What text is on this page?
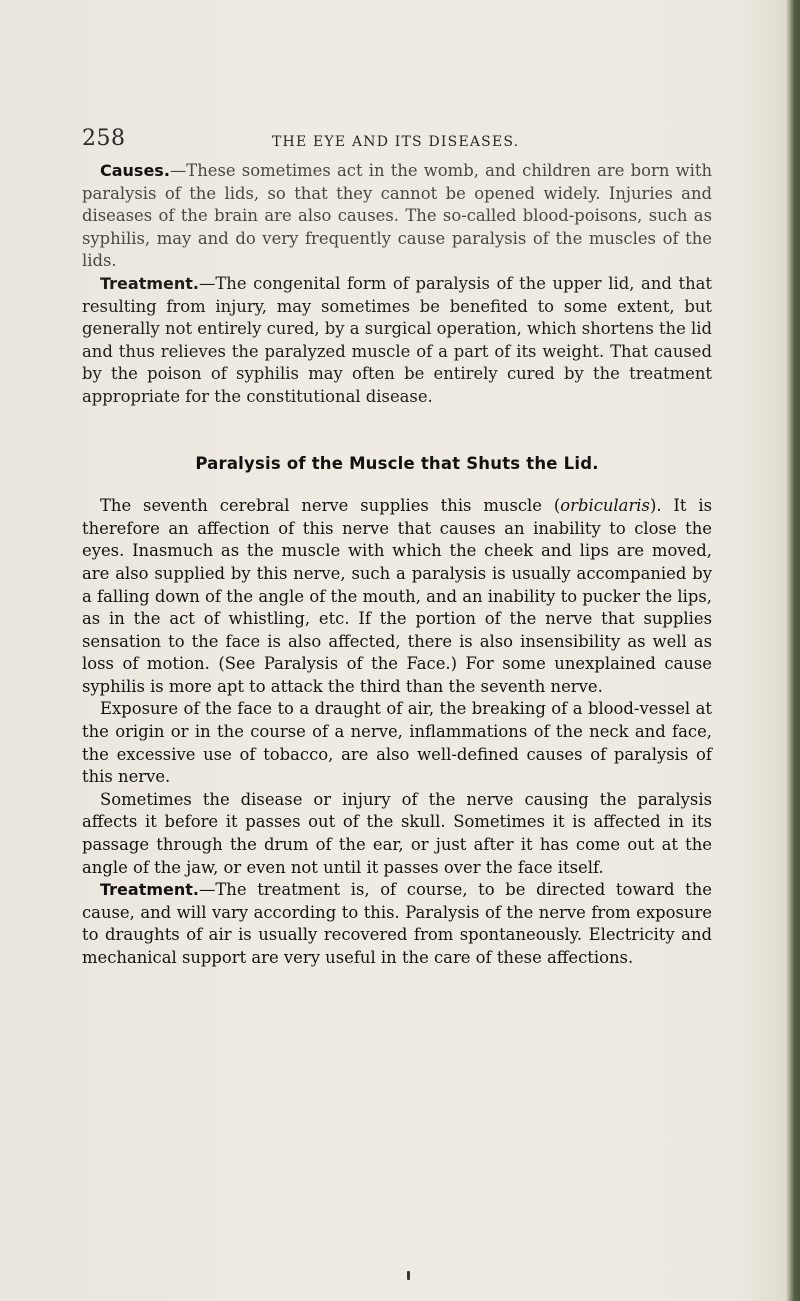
258	THE EYE AND ITS DISEASES.

Causes.—These sometimes act in the womb, and children are born with paralysis of the lids, so that they cannot be opened widely. Injuries and diseases of the brain are also causes. The so-called blood-poisons, such as syphilis, may and do very frequently cause paralysis of the muscles of the lids.

Treatment.—The congenital form of paralysis of the upper lid, and that resulting from injury, may sometimes be benefited to some extent, but generally not entirely cured, by a surgical operation, which shortens the lid and thus relieves the paralyzed muscle of a part of its weight. That caused by the poison of syphilis may often be entirely cured by the treatment appropriate for the constitutional disease.

Paralysis of the Muscle that Shuts the Lid.

The seventh cerebral nerve supplies this muscle (orbicularis). It is therefore an affection of this nerve that causes an inability to close the eyes. Inasmuch as the muscle with which the cheek and lips are moved, are also supplied by this nerve, such a paralysis is usually accompanied by a falling down of the angle of the mouth, and an inability to pucker the lips, as in the act of whistling, etc. If the portion of the nerve that supplies sensation to the face is also affected, there is also insensibility as well as loss of motion. (See Paralysis of the Face.) For some unexplained cause syphilis is more apt to attack the third than the seventh nerve.

Exposure of the face to a draught of air, the breaking of a blood-vessel at the origin or in the course of a nerve, inflammations of the neck and face, the excessive use of tobacco, are also well-defined causes of paralysis of this nerve.

Sometimes the disease or injury of the nerve causing the paralysis affects it before it passes out of the skull. Sometimes it is affected in its passage through the drum of the ear, or just after it has come out at the angle of the jaw, or even not until it passes over the face itself.

Treatment.—The treatment is, of course, to be directed toward the cause, and will vary according to this. Paralysis of the nerve from exposure to draughts of air is usually recovered from spontaneously. Electricity and mechanical support are very useful in the care of these affections.
